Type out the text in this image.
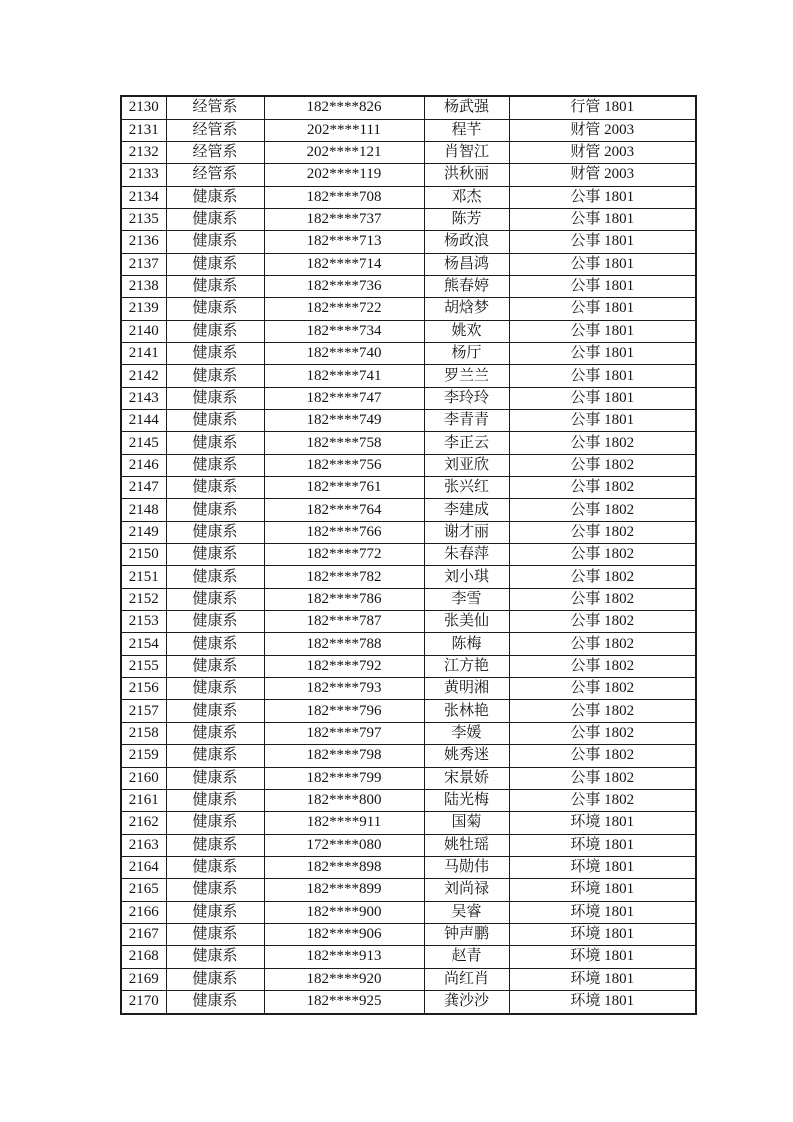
2130	经管系	182****826	杨武强	行管 1801
2131	经管系	202****111	程芊	财管 2003
2132	经管系	202****121	肖智江	财管 2003
2133	经管系	202****119	洪秋丽	财管 2003
2134	健康系	182****708	邓杰	公事 1801
2135	健康系	182****737	陈芳	公事 1801
2136	健康系	182****713	杨政浪	公事 1801
2137	健康系	182****714	杨昌鸿	公事 1801
2138	健康系	182****736	熊春婷	公事 1801
2139	健康系	182****722	胡焓梦	公事 1801
2140	健康系	182****734	姚欢	公事 1801
2141	健康系	182****740	杨厅	公事 1801
2142	健康系	182****741	罗兰兰	公事 1801
2143	健康系	182****747	李玲玲	公事 1801
2144	健康系	182****749	李青青	公事 1801
2145	健康系	182****758	李正云	公事 1802
2146	健康系	182****756	刘亚欣	公事 1802
2147	健康系	182****761	张兴红	公事 1802
2148	健康系	182****764	李建成	公事 1802
2149	健康系	182****766	谢才丽	公事 1802
2150	健康系	182****772	朱春萍	公事 1802
2151	健康系	182****782	刘小琪	公事 1802
2152	健康系	182****786	李雪	公事 1802
2153	健康系	182****787	张美仙	公事 1802
2154	健康系	182****788	陈梅	公事 1802
2155	健康系	182****792	江方艳	公事 1802
2156	健康系	182****793	黄明湘	公事 1802
2157	健康系	182****796	张林艳	公事 1802
2158	健康系	182****797	李媛	公事 1802
2159	健康系	182****798	姚秀迷	公事 1802
2160	健康系	182****799	宋景娇	公事 1802
2161	健康系	182****800	陆光梅	公事 1802
2162	健康系	182****911	国菊	环境 1801
2163	健康系	172****080	姚牡瑶	环境 1801
2164	健康系	182****898	马勋伟	环境 1801
2165	健康系	182****899	刘尚禄	环境 1801
2166	健康系	182****900	吴睿	环境 1801
2167	健康系	182****906	钟声鹏	环境 1801
2168	健康系	182****913	赵青	环境 1801
2169	健康系	182****920	尚红肖	环境 1801
2170	健康系	182****925	龚沙沙	环境 1801
